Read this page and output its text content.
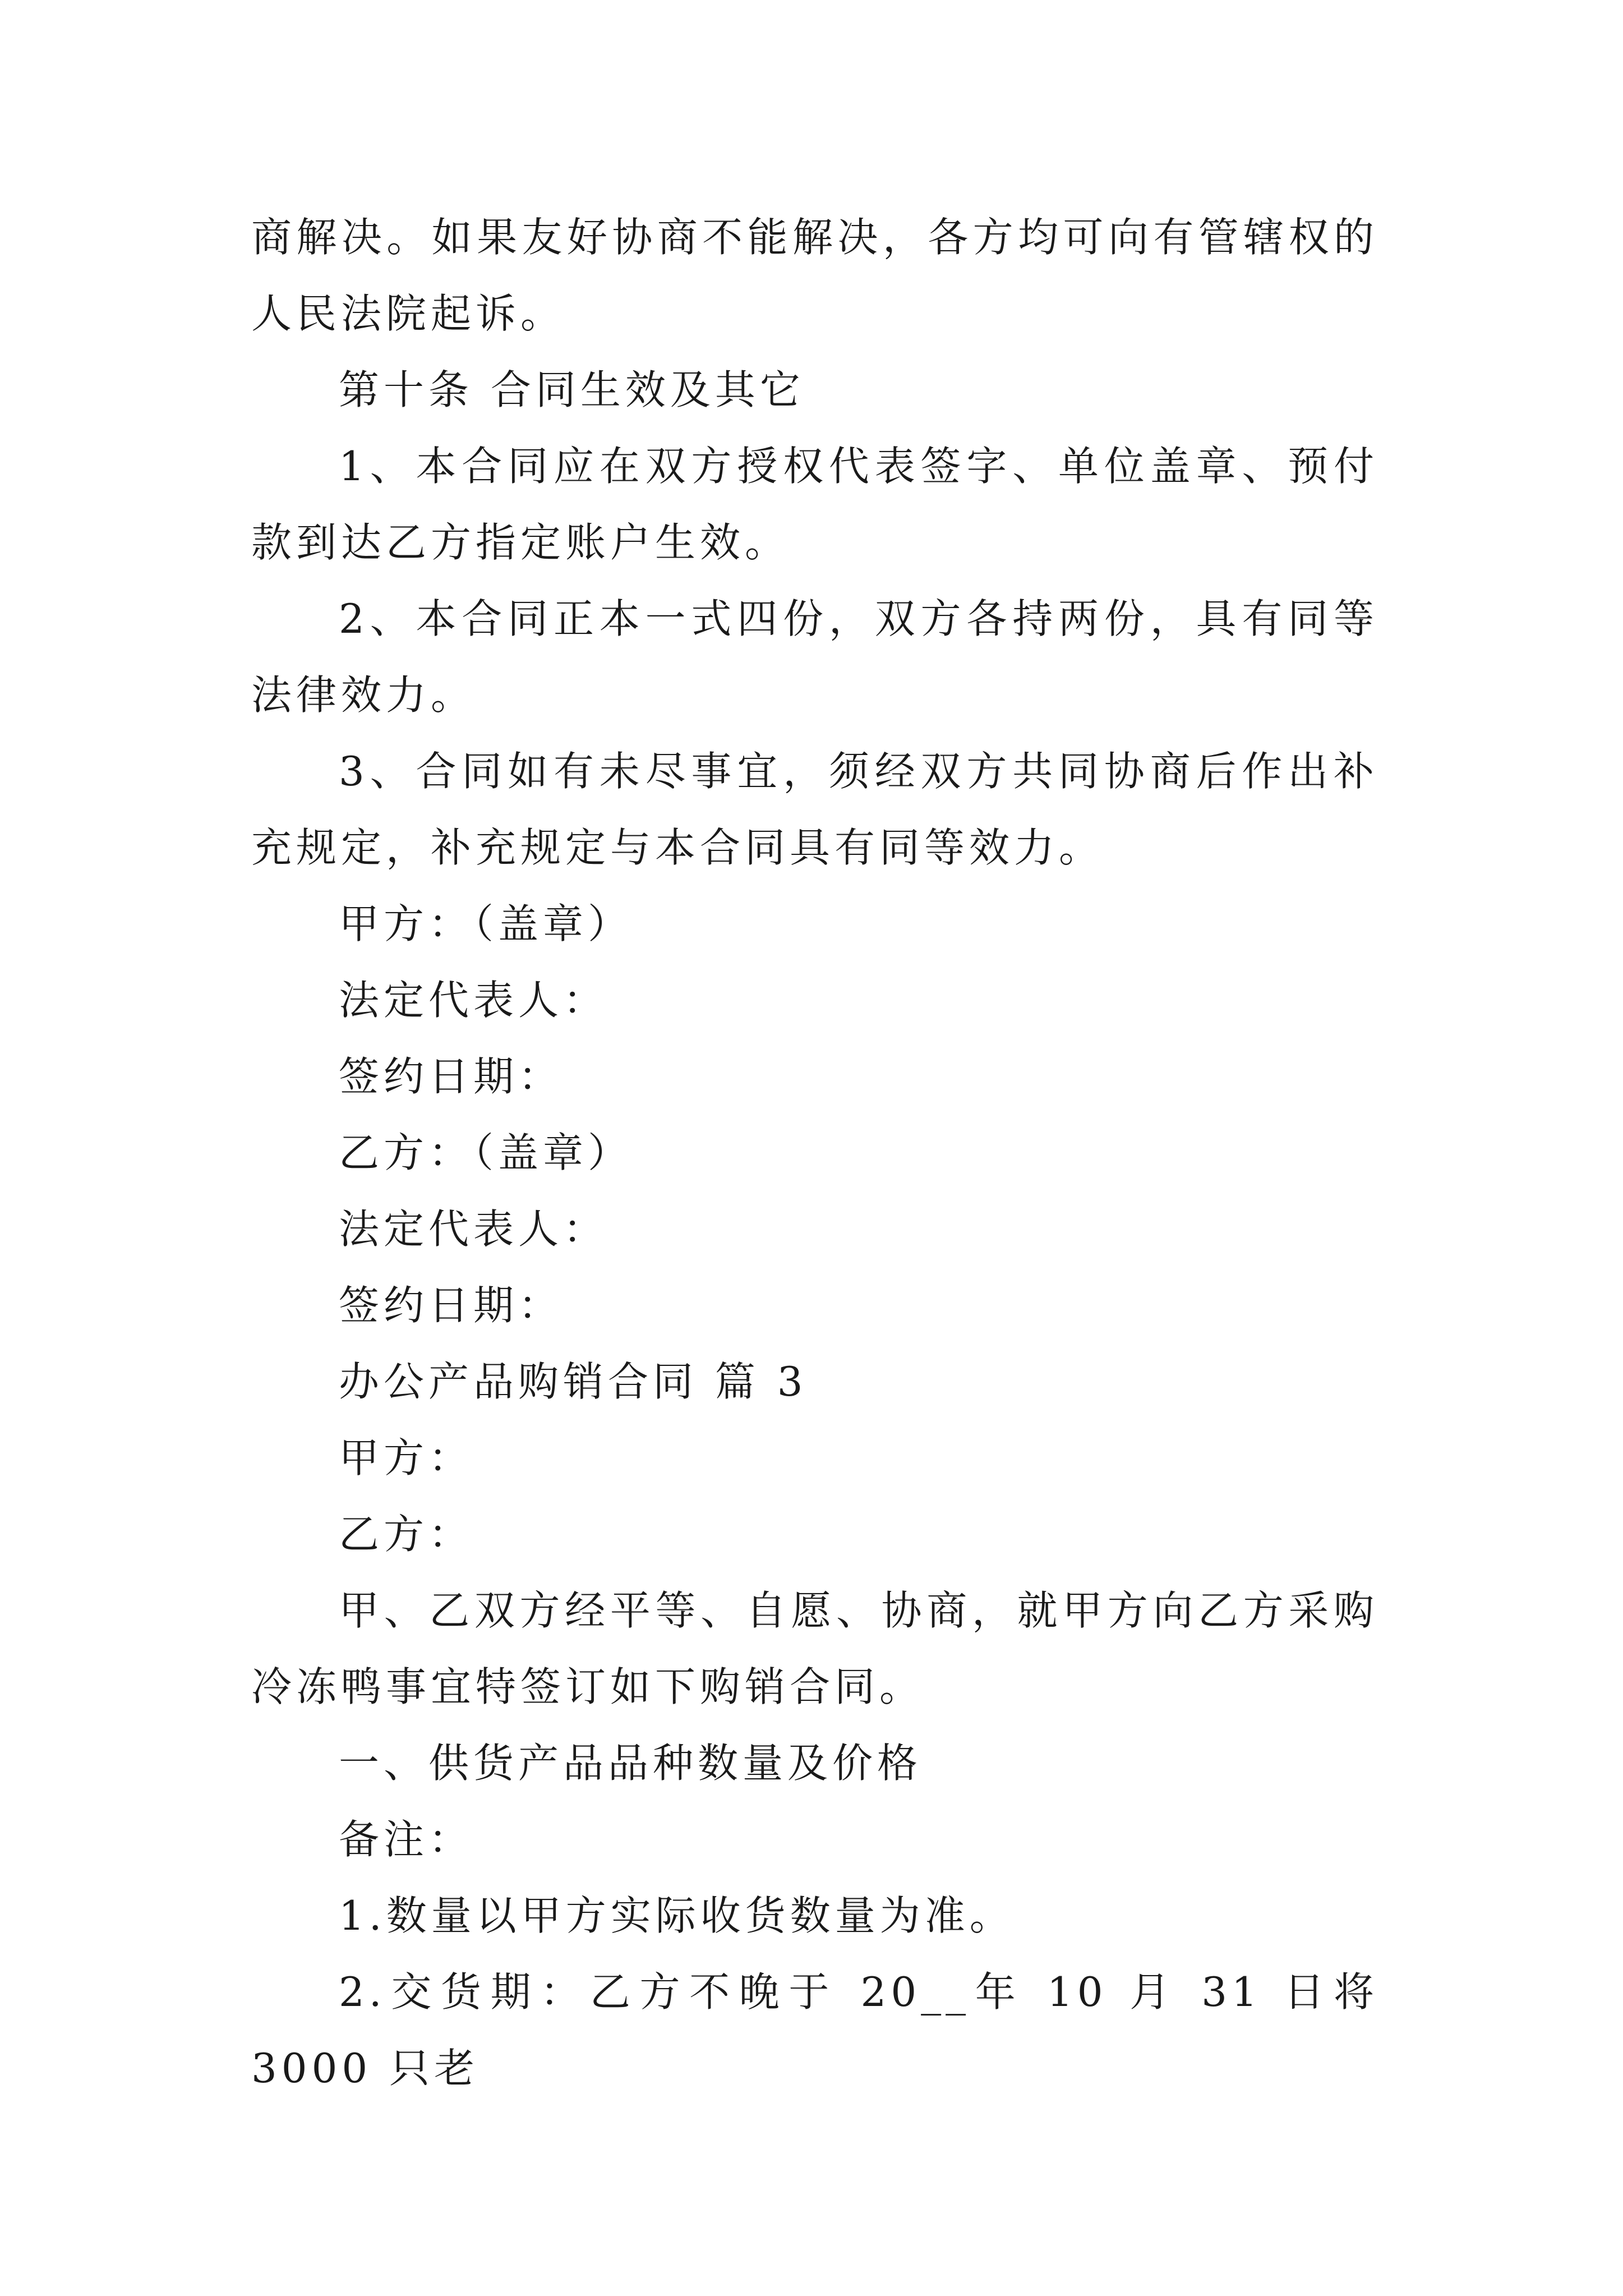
商解决。如果友好协商不能解决，各方均可向有管辖权的人民法院起诉。

第十条 合同生效及其它

1、本合同应在双方授权代表签字、单位盖章、预付款到达乙方指定账户生效。

2、本合同正本一式四份，双方各持两份，具有同等法律效力。

3、合同如有未尽事宜，须经双方共同协商后作出补充规定，补充规定与本合同具有同等效力。

甲方：（盖章）

法定代表人：

签约日期：

乙方：（盖章）

法定代表人：

签约日期：

办公产品购销合同 篇 3

甲方：

乙方：

甲、乙双方经平等、自愿、协商，就甲方向乙方采购冷冻鸭事宜特签订如下购销合同。

一、供货产品品种数量及价格

备注：

1.数量以甲方实际收货数量为准。

2.交货期：乙方不晚于 20__年 10 月 31 日将 3000 只老
